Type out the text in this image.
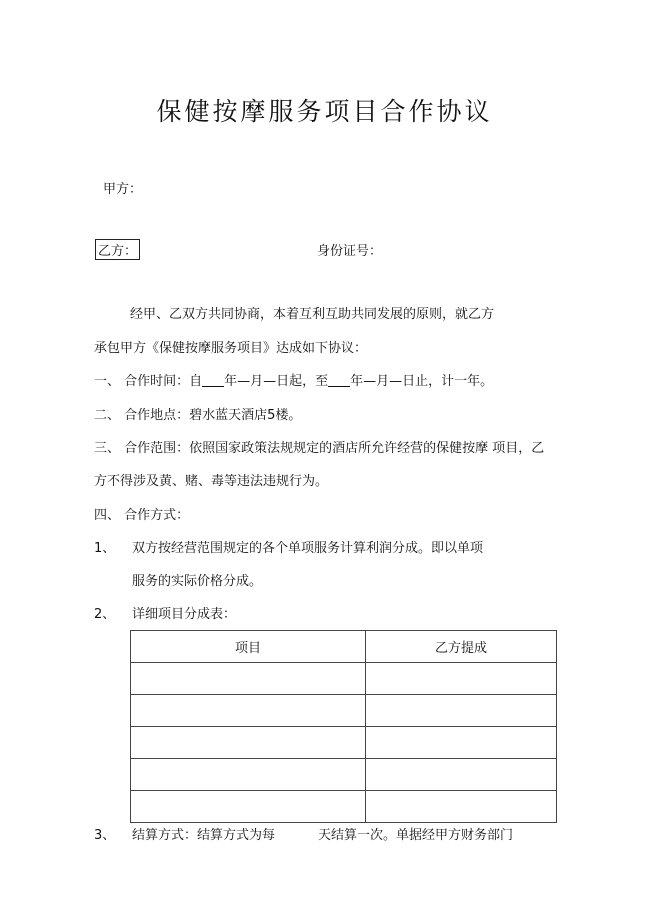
保健按摩服务项目合作协议
甲方：
乙方：	身份证号：
经甲、乙双方共同协商，本着互利互助共同发展的原则，就乙方
承包甲方《保健按摩服务项目》达成如下协议：
一、 合作时间：自 年—月—日起，至 年—月—日止，计一年。
二、 合作地点：碧水蓝天酒店5楼。
三、 合作范围：依照国家政策法规规定的酒店所允许经营的保健按摩 项目，乙
方不得涉及黄、赌、毒等违法违规行为。
四、 合作方式：
1、 双方按经营范围规定的各个单项服务计算利润分成。即以单项
服务的实际价格分成。
2、 详细项目分成表：
项目	乙方提成

3、 结算方式：结算方式为每	天结算一次。单据经甲方财务部门
